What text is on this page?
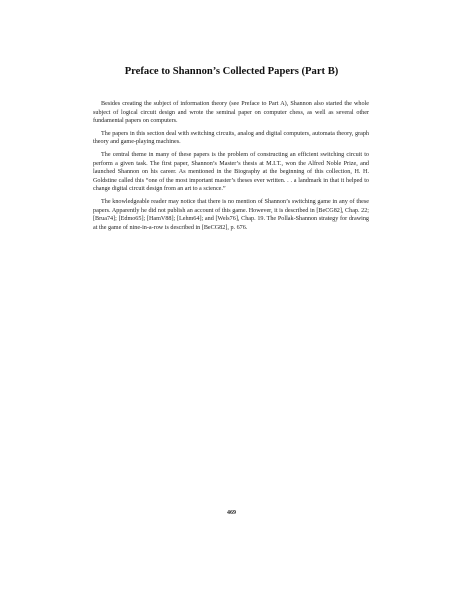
Preface to Shannon’s Collected Papers (Part B)

Besides creating the subject of information theory (see Preface to Part A), Shannon also started the whole subject of logical circuit design and wrote the seminal paper on computer chess, as well as several other fundamental papers on computers.

The papers in this section deal with switching circuits, analog and digital computers, automata theory, graph theory and game-playing machines.

The central theme in many of these papers is the problem of constructing an efficient switching circuit to perform a given task. The first paper, Shannon’s Master’s thesis at M.I.T., won the Alfred Noble Prize, and launched Shannon on his career. As mentioned in the Biography at the beginning of this collection, H. H. Goldstine called this “one of the most important master’s theses ever written. . . a landmark in that it helped to change digital circuit design from an art to a science.”

The knowledgeable reader may notice that there is no mention of Shannon’s switching game in any of these papers. Apparently he did not publish an account of this game. However, it is described in [BeCG82], Chap. 22; [Brua74]; [Edmo65]; [HamV88]; [Lehm64]; and [Wels76], Chap. 19. The Pollak-Shannon strategy for drawing at the game of nine-in-a-row is described in [BeCG82], p. 676.

469
